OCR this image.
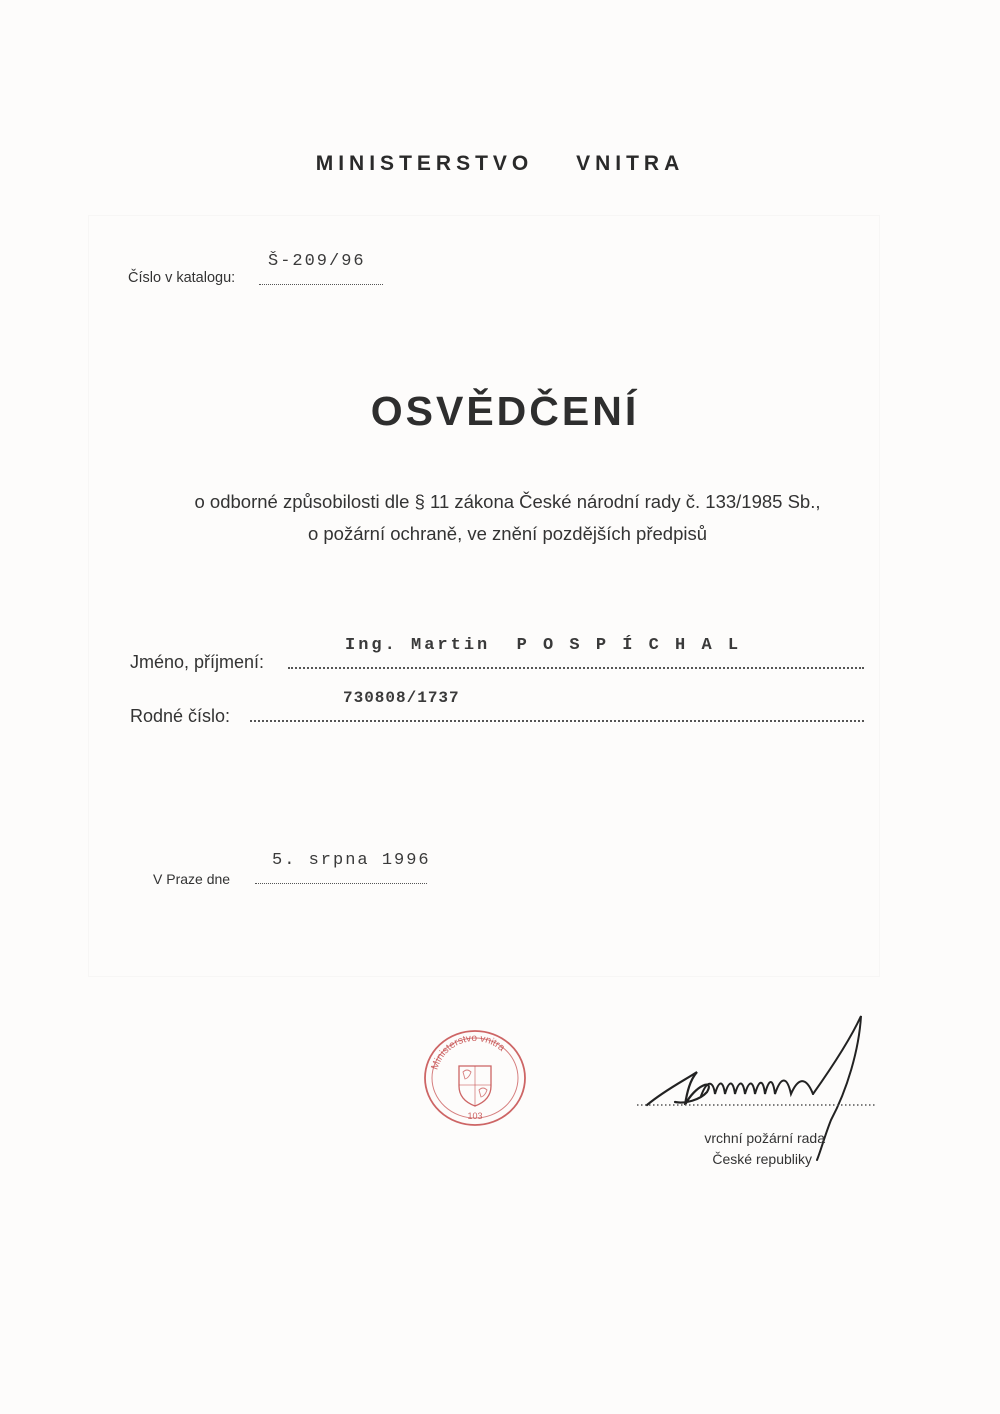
MINISTERSTVO VNITRA
Číslo v katalogu:
Š-209/96
OSVĚDČENÍ
o odborné způsobilosti dle § 11 zákona České národní rady č. 133/1985 Sb.,
o požární ochraně, ve znění pozdějších předpisů
Jméno, příjmení:
Ing. Martin  P O S P Í C H A L
Rodné číslo:
730808/1737
V Praze dne
5. srpna 1996
Ministerstvo vnitra
103
vrchní požární rada
České republiky
